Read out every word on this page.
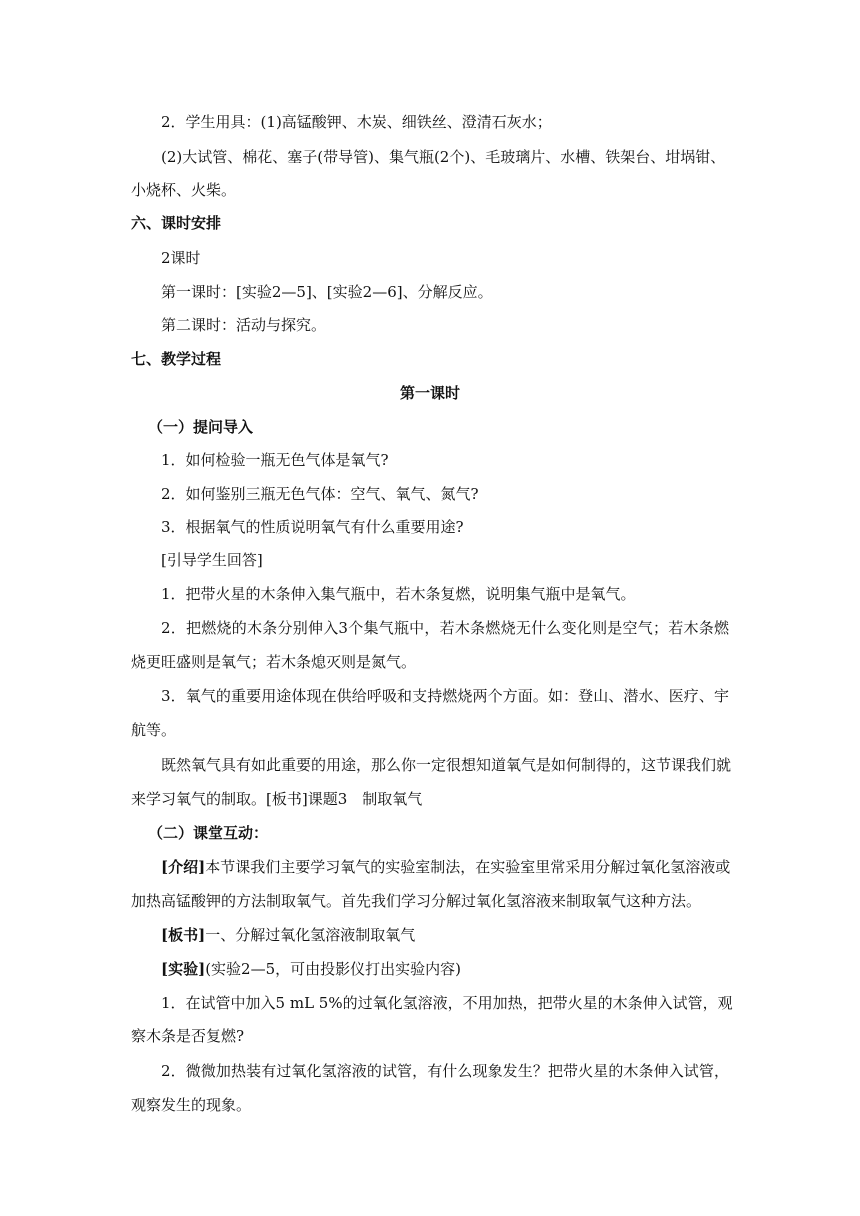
2．学生用具：(1)高锰酸钾、木炭、细铁丝、澄清石灰水；
(2)大试管、棉花、塞子(带导管)、集气瓶(2个)、毛玻璃片、水槽、铁架台、坩埚钳、
小烧杯、火柴。
六、课时安排
2课时
第一课时：[实验2—5]、[实验2—6]、分解反应。
第二课时：活动与探究。
七、教学过程
第一课时
（一）提问导入
1．如何检验一瓶无色气体是氧气?
2．如何鉴别三瓶无色气体：空气、氧气、氮气?
3．根据氧气的性质说明氧气有什么重要用途?
[引导学生回答]
1．把带火星的木条伸入集气瓶中，若木条复燃，说明集气瓶中是氧气。
2．把燃烧的木条分别伸入3个集气瓶中，若木条燃烧无什么变化则是空气；若木条燃
烧更旺盛则是氧气；若木条熄灭则是氮气。
3．氧气的重要用途体现在供给呼吸和支持燃烧两个方面。如：登山、潜水、医疗、宇
航等。
既然氧气具有如此重要的用途，那么你一定很想知道氧气是如何制得的，这节课我们就
来学习氧气的制取。[板书]课题3　制取氧气
（二）课堂互动：
[介绍]本节课我们主要学习氧气的实验室制法，在实验室里常采用分解过氧化氢溶液或
加热高锰酸钾的方法制取氧气。首先我们学习分解过氧化氢溶液来制取氧气这种方法。
[板书]一、分解过氧化氢溶液制取氧气
[实验](实验2—5，可由投影仪打出实验内容)
1．在试管中加入5 mL 5%的过氧化氢溶液，不用加热，把带火星的木条伸入试管，观
察木条是否复燃?
2．微微加热装有过氧化氢溶液的试管，有什么现象发生？把带火星的木条伸入试管，
观察发生的现象。
